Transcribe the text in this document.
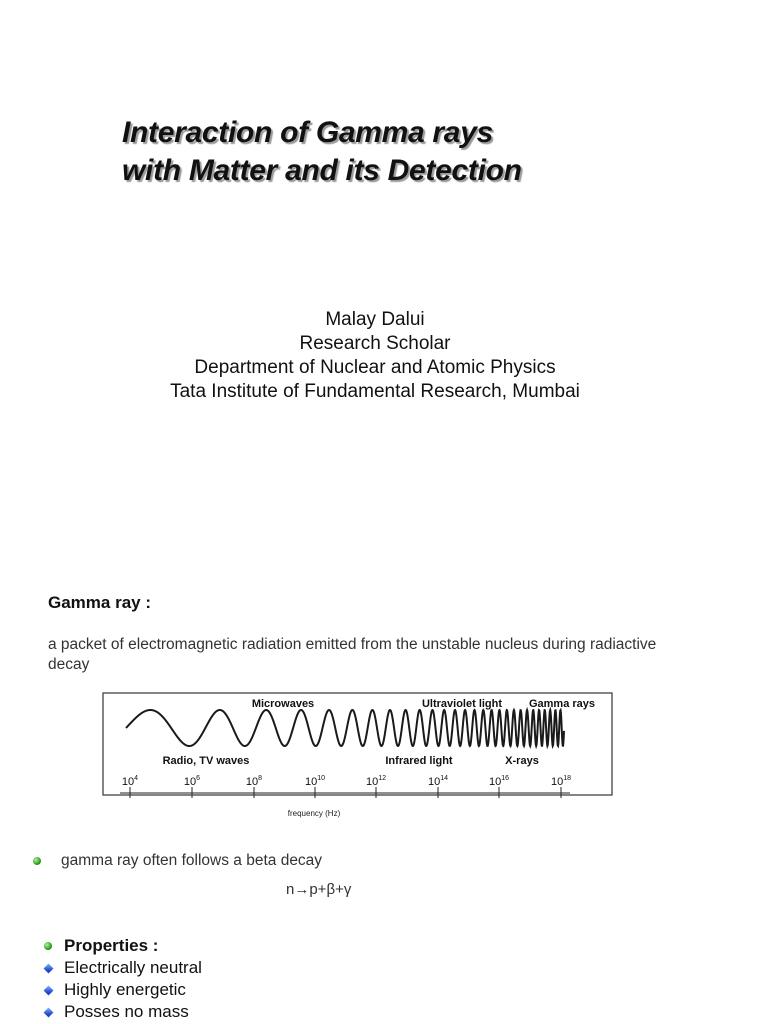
Interaction of Gamma rays
with Matter and its Detection
Malay Dalui
Research Scholar
Department of Nuclear and Atomic Physics
Tata Institute of Fundamental Research, Mumbai
Gamma ray :
a packet of electromagnetic radiation emitted from the unstable nucleus during radiactive decay
Microwaves	Ultraviolet light Gamma rays
Radio, TV waves	Infrared light	X-rays
$10^4$	$10^6$	$10^8$	$10^{10}$	$10^{12}$	$10^{14}$	$10^{16}$	$10^{18}$
frequency (Hz)
gamma ray often follows a beta decay
n→p+β+γ
Properties :
Electrically neutral
Highly energetic
Posses no mass
